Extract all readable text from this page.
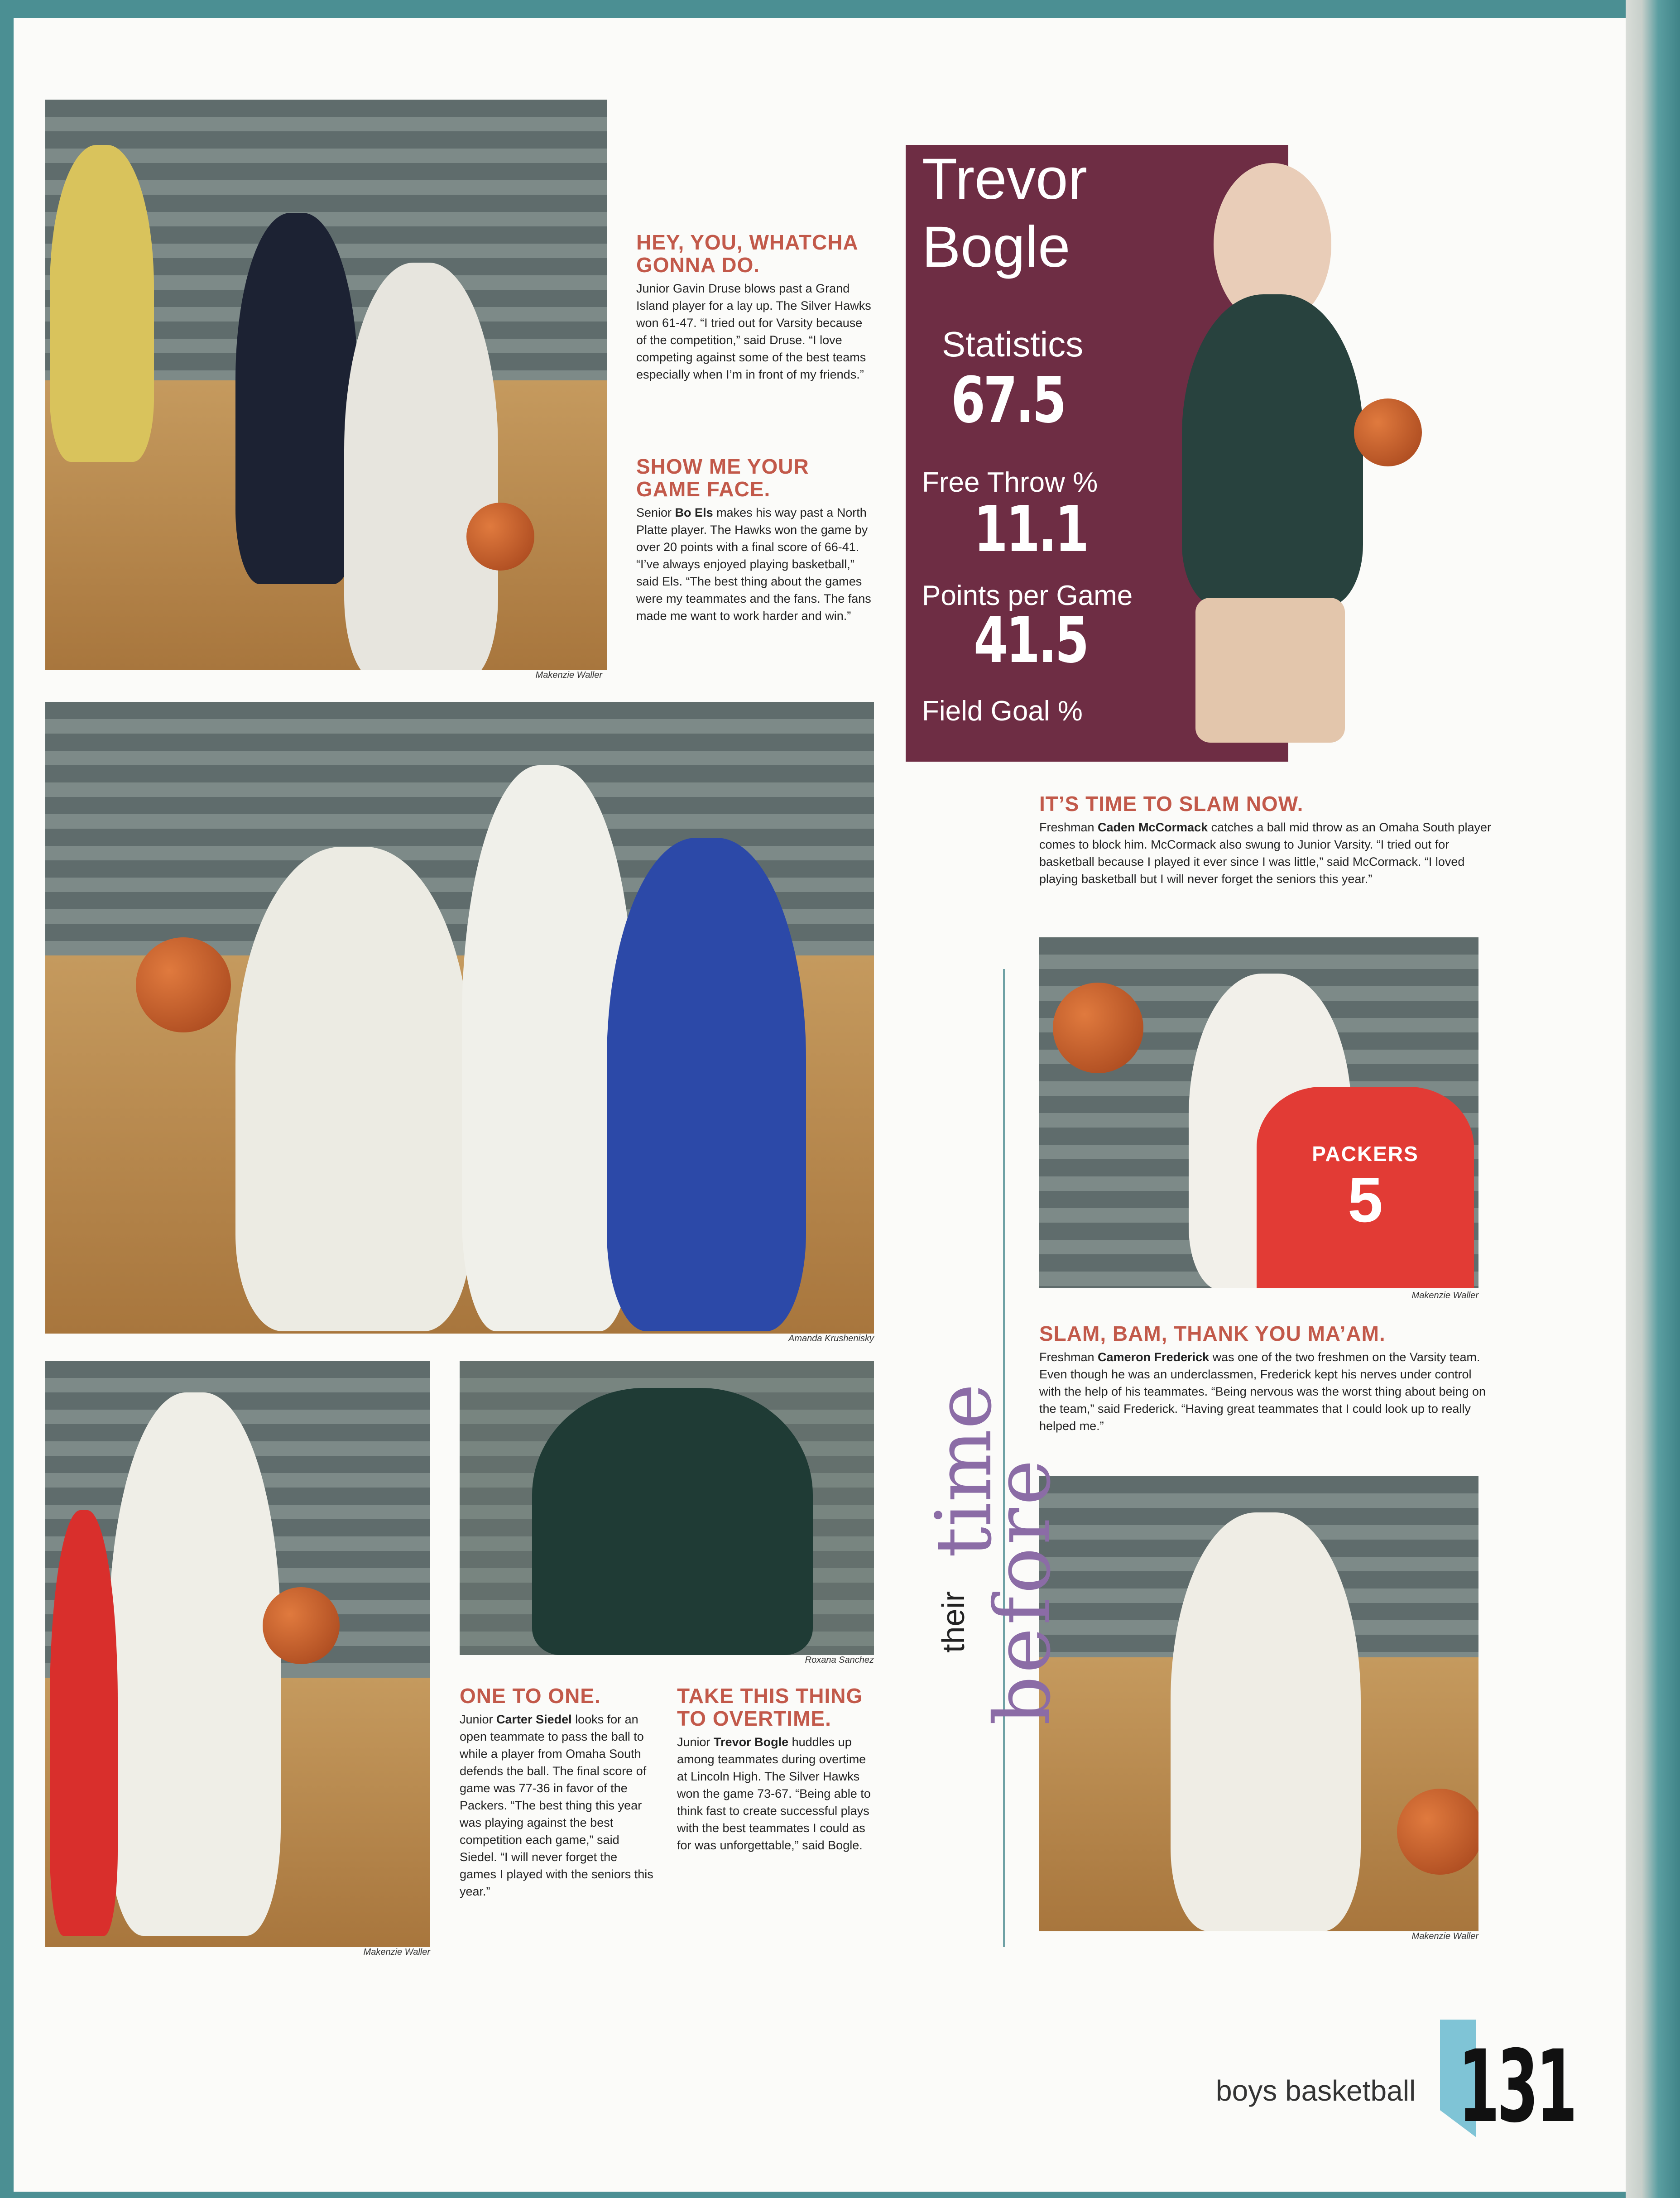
Makenzie Waller
HEY, YOU, WHATCHA GONNA DO.

Junior Gavin Druse blows past a Grand Island player for a lay up. The Silver Hawks won 61-47. “I tried out for Varsity because of the competition,” said Druse. “I love competing against some of the best teams especially when I’m in front of my friends.”

SHOW ME YOUR GAME FACE.

Senior Bo Els makes his way past a North Platte player. The Hawks won the game by over 20 points with a final score of 66-41. “I’ve always enjoyed playing basketball,” said Els. “The best thing about the games were my teammates and the fans. The fans made me want to work harder and win.”

Trevor
Bogle
Statistics
67.5
Free Throw %
11.1
Points per Game
41.5
Field Goal %
Amanda Krushenisky
IT’S TIME TO SLAM NOW.

Freshman Caden McCormack catches a ball mid throw as an Omaha South player comes to block him. McCormack also swung to Junior Varsity. “I tried out for basketball because I played it ever since I was little,” said McCormack. “I loved playing basketball but I will never forget the seniors this year.”

PACKERS
5
Makenzie Waller
SLAM, BAM, THANK YOU MA’AM.

Freshman Cameron Frederick was one of the two freshmen on the Varsity team. Even though he was an underclassmen, Frederick kept his nerves under control with the help of his teammates. “Being nervous was the worst thing about being on the team,” said Frederick. “Having great teammates that I could look up to really helped me.”

Makenzie Waller
Makenzie Waller
Roxana Sanchez
ONE TO ONE.

Junior Carter Siedel looks for an open teammate to pass the ball to while a player from Omaha South defends the ball. The final score of game was 77-36 in favor of the Packers. “The best thing this year was playing against the best competition each game,” said Siedel. “I will never forget the games I played with the seniors this year.”

TAKE THIS THING TO OVERTIME.

Junior Trevor Bogle huddles up among teammates during overtime at Lincoln High. The Silver Hawks won the game 73-67. “Being able to think fast to create successful plays with the best teammates I could as for was unforgettable,” said Bogle.

before
their
time
boys basketball 131
